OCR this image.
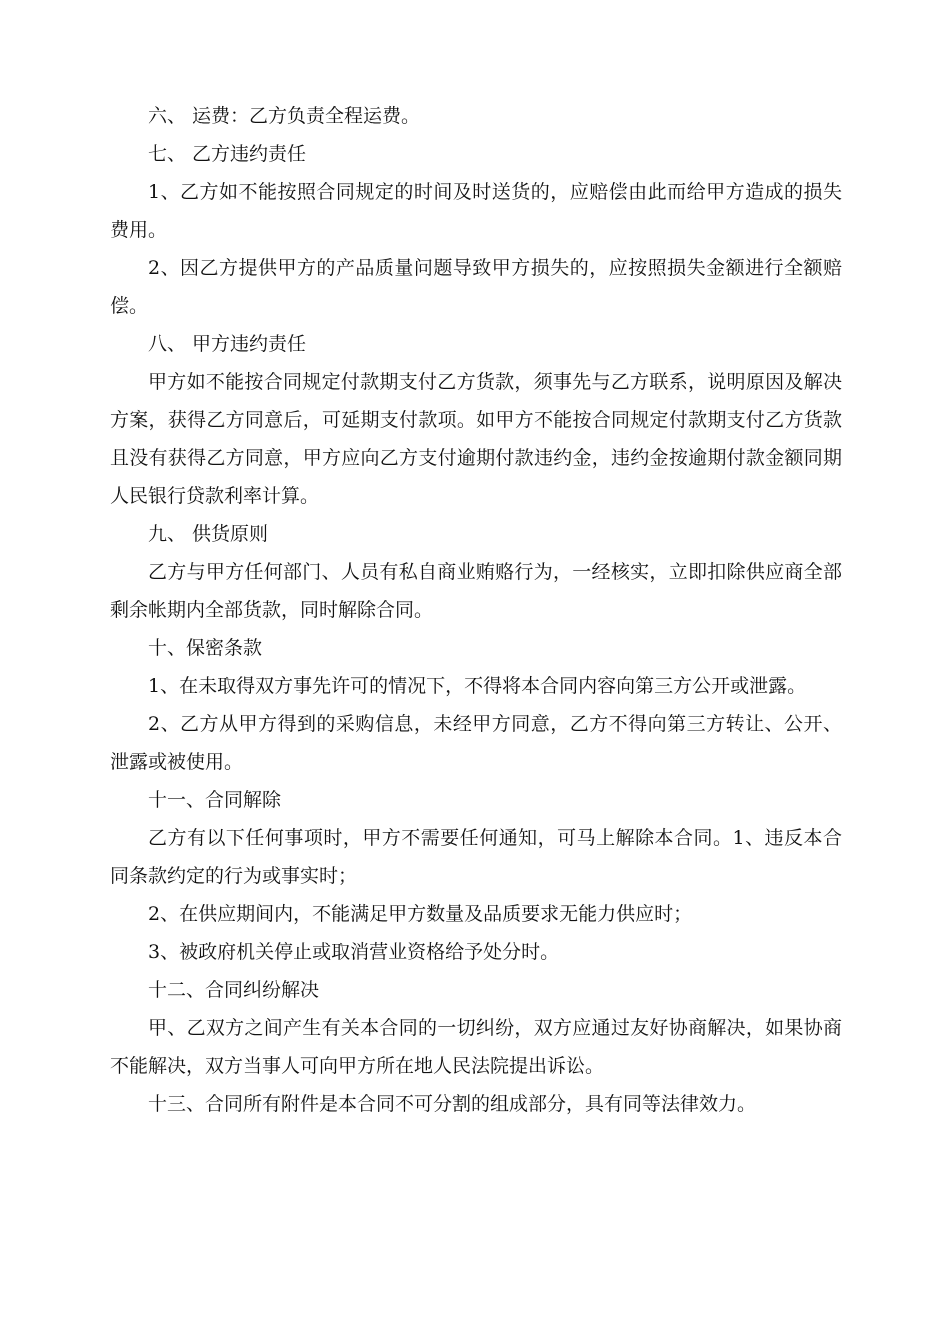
六、 运费：乙方负责全程运费。

七、 乙方违约责任

1、乙方如不能按照合同规定的时间及时送货的，应赔偿由此而给甲方造成的损失费用。

2、因乙方提供甲方的产品质量问题导致甲方损失的，应按照损失金额进行全额赔偿。

八、 甲方违约责任

甲方如不能按合同规定付款期支付乙方货款，须事先与乙方联系，说明原因及解决方案，获得乙方同意后，可延期支付款项。如甲方不能按合同规定付款期支付乙方货款且没有获得乙方同意，甲方应向乙方支付逾期付款违约金，违约金按逾期付款金额同期人民银行贷款利率计算。

九、 供货原则

乙方与甲方任何部门、人员有私自商业贿赂行为，一经核实，立即扣除供应商全部剩余帐期内全部货款，同时解除合同。

十、保密条款

1、在未取得双方事先许可的情况下，不得将本合同内容向第三方公开或泄露。

2、乙方从甲方得到的采购信息，未经甲方同意，乙方不得向第三方转让、公开、泄露或被使用。

十一、合同解除

乙方有以下任何事项时，甲方不需要任何通知，可马上解除本合同。1、违反本合同条款约定的行为或事实时；

2、在供应期间内，不能满足甲方数量及品质要求无能力供应时；

3、被政府机关停止或取消营业资格给予处分时。

十二、合同纠纷解决

甲、乙双方之间产生有关本合同的一切纠纷，双方应通过友好协商解决，如果协商不能解决，双方当事人可向甲方所在地人民法院提出诉讼。

十三、合同所有附件是本合同不可分割的组成部分，具有同等法律效力。
